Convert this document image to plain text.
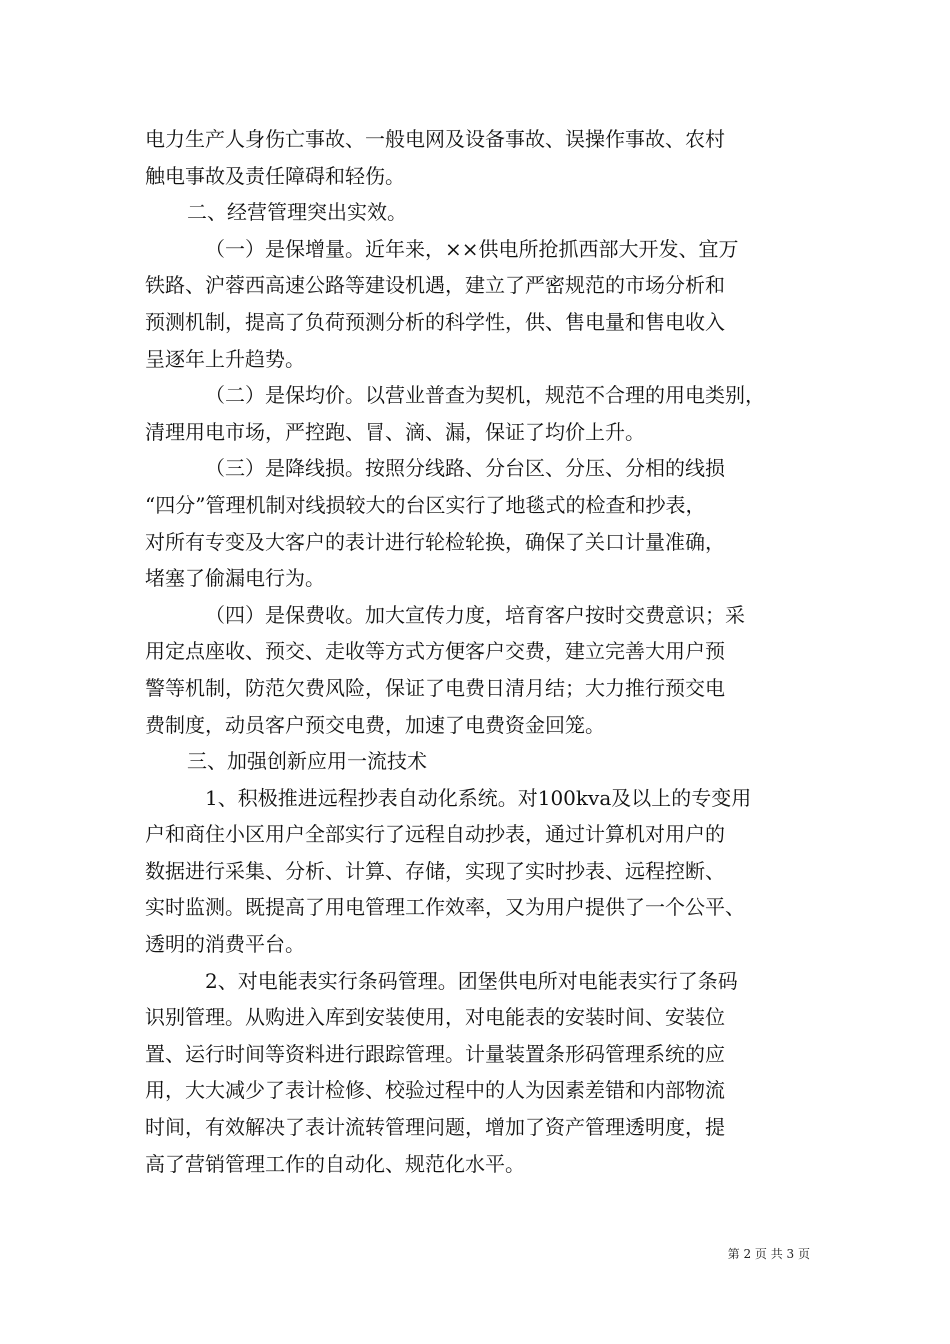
电力生产人身伤亡事故、一般电网及设备事故、误操作事故、农村
触电事故及责任障碍和轻伤。
二、经营管理突出实效。
（一）是保增量。近年来，××供电所抢抓西部大开发、宜万
铁路、沪蓉西高速公路等建设机遇，建立了严密规范的市场分析和
预测机制，提高了负荷预测分析的科学性，供、售电量和售电收入
呈逐年上升趋势。
（二）是保均价。以营业普查为契机，规范不合理的用电类别，
清理用电市场，严控跑、冒、滴、漏，保证了均价上升。
（三）是降线损。按照分线路、分台区、分压、分相的线损
“四分”管理机制对线损较大的台区实行了地毯式的检查和抄表，
对所有专变及大客户的表计进行轮检轮换，确保了关口计量准确，
堵塞了偷漏电行为。
（四）是保费收。加大宣传力度，培育客户按时交费意识；采
用定点座收、预交、走收等方式方便客户交费，建立完善大用户预
警等机制，防范欠费风险，保证了电费日清月结；大力推行预交电
费制度，动员客户预交电费，加速了电费资金回笼。
三、加强创新应用一流技术
1、积极推进远程抄表自动化系统。对100kva及以上的专变用
户和商住小区用户全部实行了远程自动抄表，通过计算机对用户的
数据进行采集、分析、计算、存储，实现了实时抄表、远程控断、
实时监测。既提高了用电管理工作效率，又为用户提供了一个公平、
透明的消费平台。
2、对电能表实行条码管理。团堡供电所对电能表实行了条码
识别管理。从购进入库到安装使用，对电能表的安装时间、安装位
置、运行时间等资料进行跟踪管理。计量装置条形码管理系统的应
用，大大减少了表计检修、校验过程中的人为因素差错和内部物流
时间，有效解决了表计流转管理问题，增加了资产管理透明度，提
高了营销管理工作的自动化、规范化水平。

第 2 页 共 3 页
